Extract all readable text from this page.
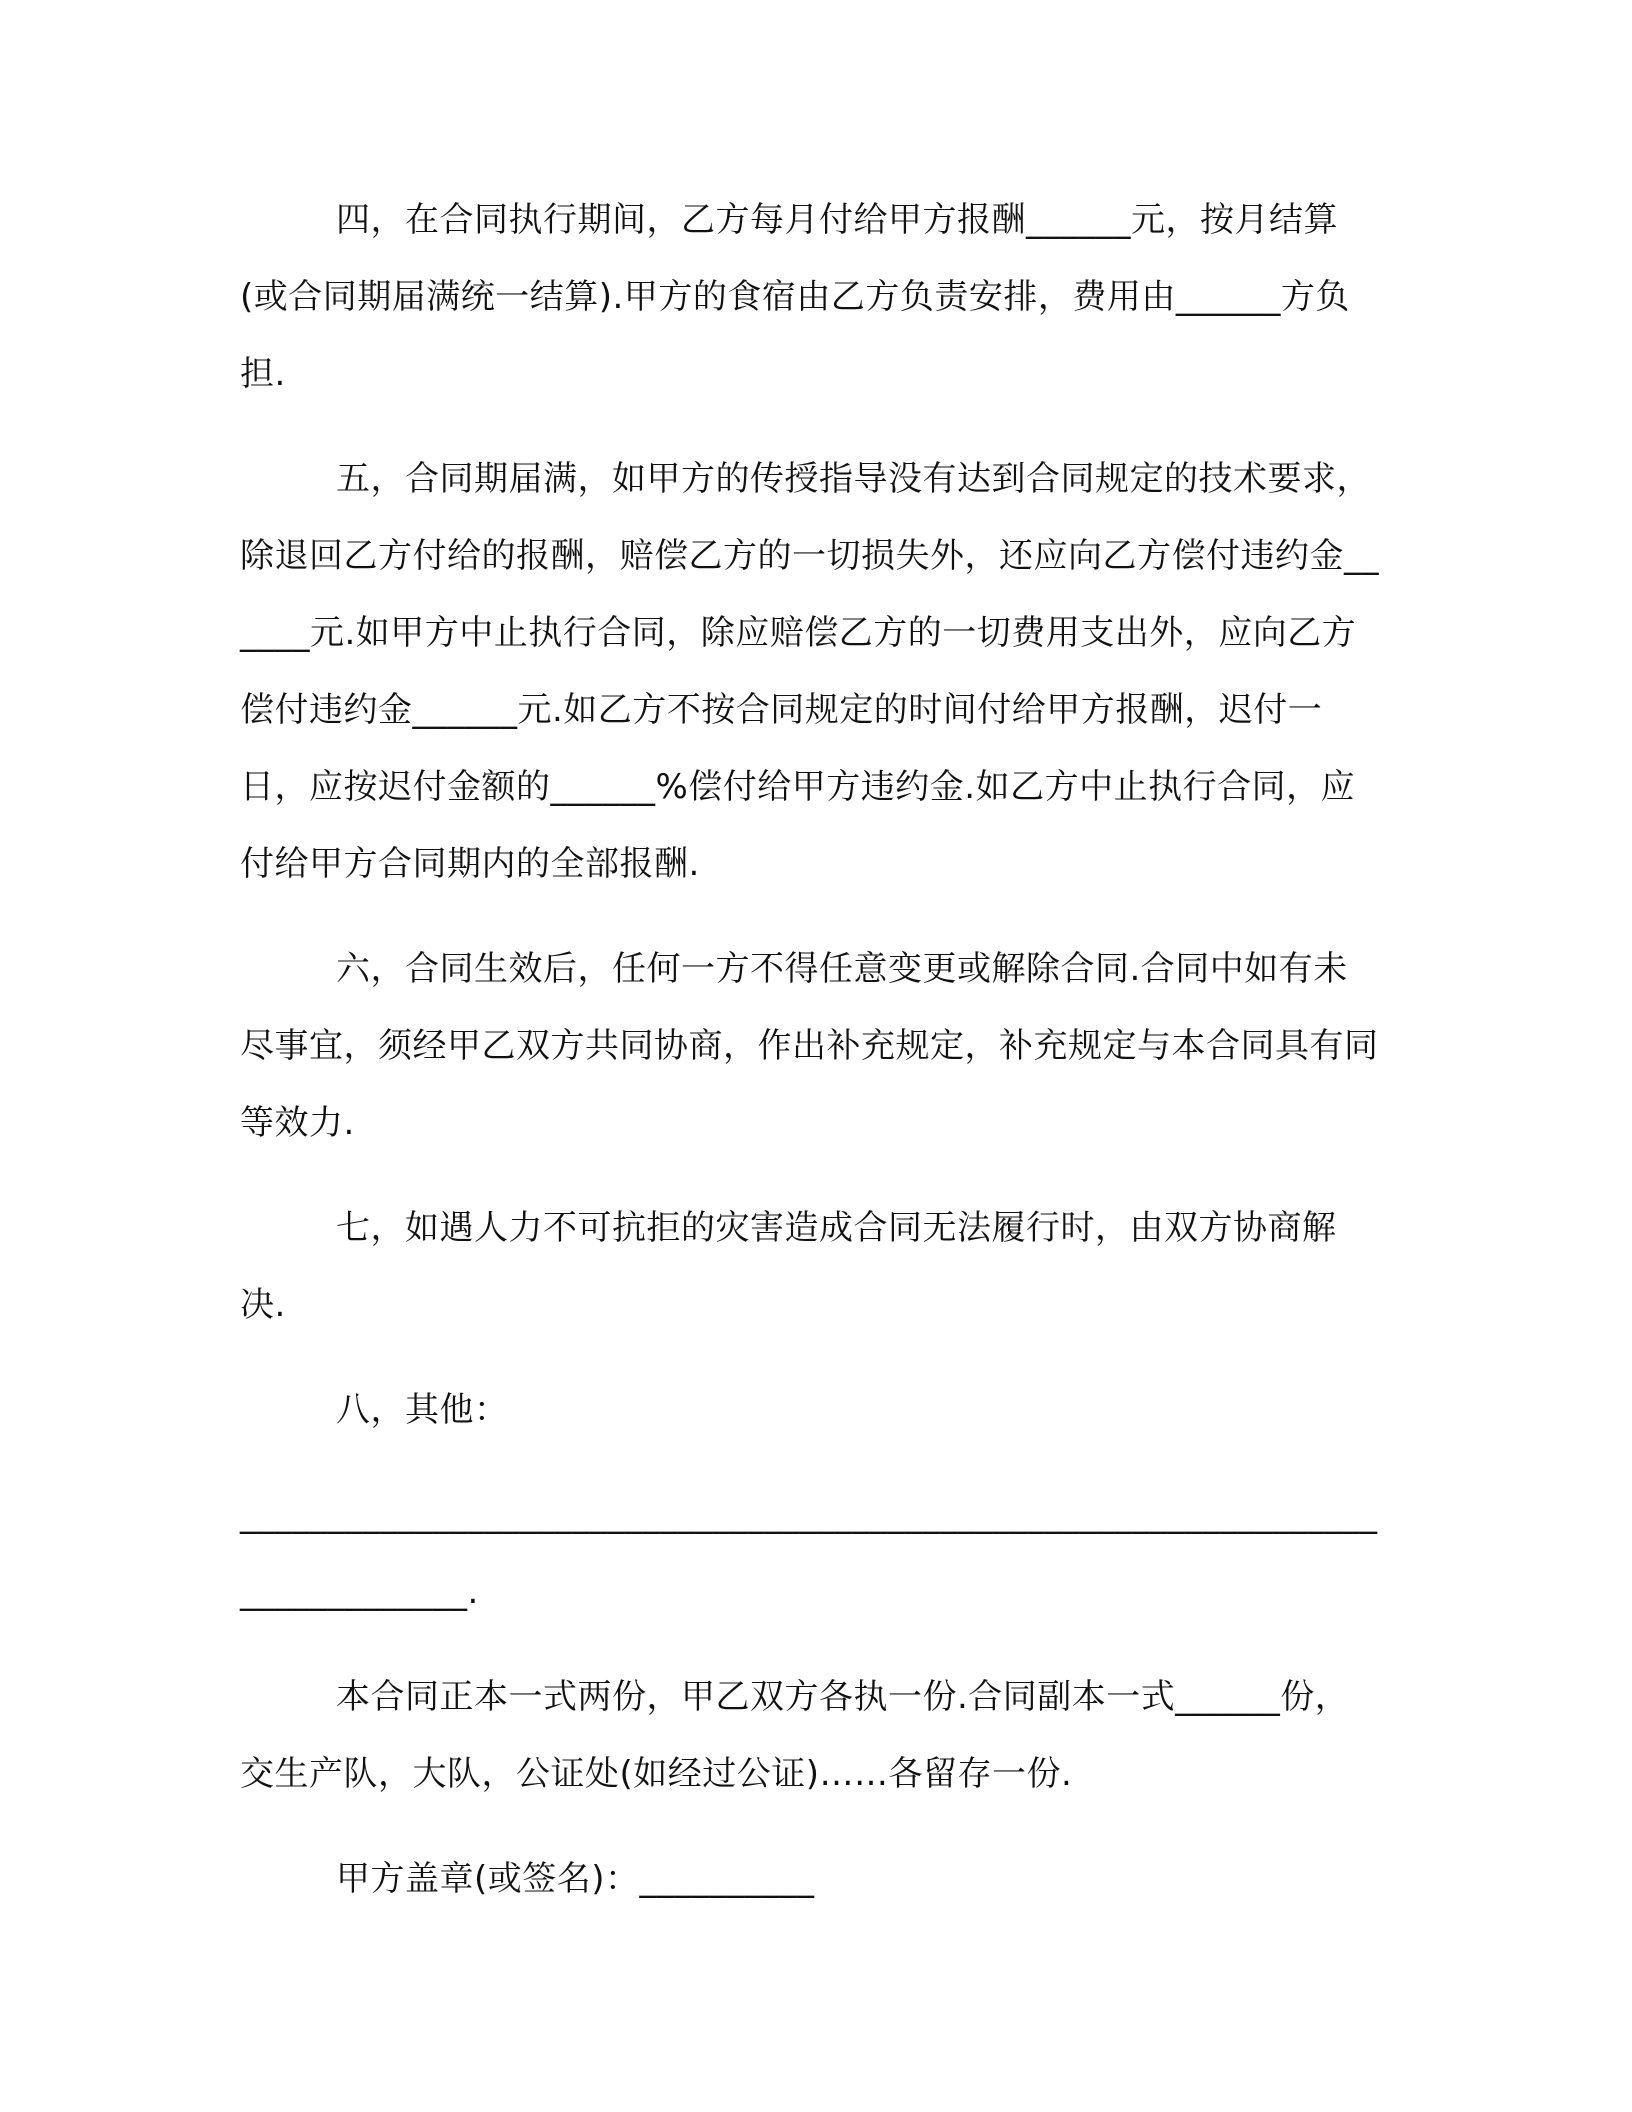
四，在合同执行期间，乙方每月付给甲方报酬______元，按月结算(或合同期届满统一结算).甲方的食宿由乙方负责安排，费用由______方负担.

五，合同期届满，如甲方的传授指导没有达到合同规定的技术要求，除退回乙方付给的报酬，赔偿乙方的一切损失外，还应向乙方偿付违约金______元.如甲方中止执行合同，除应赔偿乙方的一切费用支出外，应向乙方偿付违约金______元.如乙方不按合同规定的时间付给甲方报酬，迟付一日，应按迟付金额的______%偿付给甲方违约金.如乙方中止执行合同，应付给甲方合同期内的全部报酬.

六，合同生效后，任何一方不得任意变更或解除合同.合同中如有未尽事宜，须经甲乙双方共同协商，作出补充规定，补充规定与本合同具有同等效力.

七，如遇人力不可抗拒的灾害造成合同无法履行时，由双方协商解决.

八，其他：

______________________________________________________________________________.

本合同正本一式两份，甲乙双方各执一份.合同副本一式______份，交生产队，大队，公证处(如经过公证)……各留存一份.

甲方盖章(或签名)：__________
